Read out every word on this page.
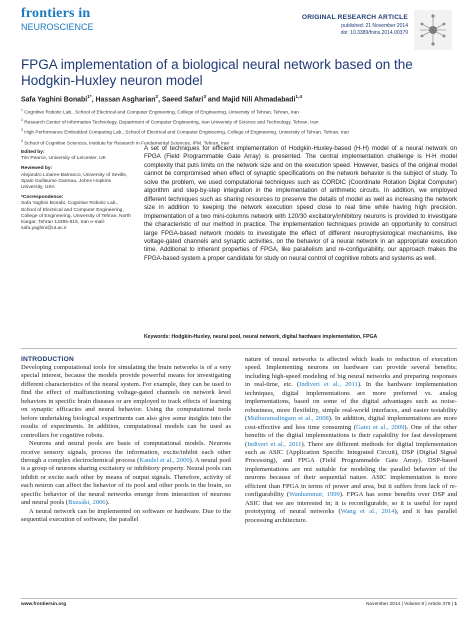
frontiers in
NEUROSCIENCE
ORIGINAL RESEARCH ARTICLE
published: 21 November 2014
doi: 10.3389/fnins.2014.00379
FPGA implementation of a biological neural network based on the Hodgkin-Huxley neuron model
Safa Yaghini Bonabi$^{1*}$, Hassan Asgharian$^2$, Saeed Safari$^3$ and Majid Nili Ahmadabadi$^{1,4}$
$^1$ Cognitive Robotic Lab., School of Electrical and Computer Engineering, College of Engineering, University of Tehran, Tehran, Iran
$^2$ Research Center of Information Technology, Department of Computer Engineering, Iran University of Science and Technology, Tehran, Iran
$^3$ High Performance Embedded Computing Lab., School of Electrical and Computer Engineering, College of Engineering, University of Tehran, Tehran, Iran
$^4$ School of Cognitive Sciences, Institute for Research in Fundamental Sciences, IPM, Tehran, Iran
Edited by:
Tim Pearce, University of Leicester, UK
Reviewed by:
Alejandro Linares-Barranco, University of Seville, Spain Guillaume Garreau, Johns Hopkins University, USA
*Correspondence:
Safa Yaghini Bonabi, Cognitive Robotic Lab., School of Electrical and Computer Engineering, College of Engineering, University of Tehran, North Kargar, Tehran 14395-515, Iran e-mail: safa.yaghini@ut.ac.ir
A set of techniques for efficient implementation of Hodgkin-Huxley-based (H-H) model of a neural network on FPGA (Field Programmable Gate Array) is presented. The central implementation challenge is H-H model complexity that puts limits on the network size and on the execution speed. However, basics of the original model cannot be compromised when effect of synaptic specifications on the network behavior is the subject of study. To solve the problem, we used computational techniques such as CORDIC (Coordinate Rotation Digital Computer) algorithm and step-by-step integration in the implementation of arithmetic circuits. In addition, we employed different techniques such as sharing resources to preserve the details of model as well as increasing the network size in addition to keeping the network execution speed close to real time while having high precision. Implementation of a two mini-columns network with 120/30 excitatory/inhibitory neurons is provided to investigate the characteristic of our method in practice. The implementation techniques provide an opportunity to construct large FPGA-based network models to investigate the effect of different neurophysiological mechanisms, like voltage-gated channels and synaptic activities, on the behavior of a neural network in an appropriate execution time. Additional to inherent properties of FPGA, like parallelism and re-configurability, our approach makes the FPGA-based system a proper candidate for study on neural control of cognitive robots and systems as well.
Keywords: Hodgkin-Huxley, neural pool, neural network, digital hardware implementation, FPGA
INTRODUCTION

Developing computational tools for simulating the brain networks is of a very special interest, because the models provide powerful means for investigating different characteristics of the neural system. For example, they can be used to find the effect of malfunctioning voltage-gated channels on network level behaviors in specific brain diseases or are employed to track effects of learning on synaptic efficacies and neural behavior. Using the computational tools before undertaking biological experiments can also give some insights into the results of experiments. In addition, computational models can be used as controllers for cognitive robots.

Neurons and neural pools are basis of computational models. Neurons receive sensory signals, process the information, excite/inhibit each other through a complex electrochemical process (Kandel et al., 2000). A neural pool is a group of neurons sharing excitatory or inhibitory property. Neural pools can inhibit or excite each other by means of output signals. Therefore, activity of each neuron can affect the behavior of its pool and other pools in the brain, so specific behavior of the neural networks emerge from interaction of neurons and neural pools (Buzsáki, 2006).

A neural network can be implemented on software or hardware. Due to the sequential execution of software, the parallel

nature of neural networks is affected which leads to reduction of execution speed. Implementing neurons on hardware can provide several benefits; including high-speed modeling of big neural networks and preparing responses in real-time, etc. (Indiveri et al., 2011). In the hardware implementation techniques, digital implementations are more preferred vs. analog implementations, based on some of the digital advantages such as noise-robustness, more flexibility, simple real-world interfaces, and easier testability (Muthuramalingam et al., 2008). In addition, digital implementations are more cost-effective and less time consuming (Gatet et al., 2009). One of the other benefits of the digital implementations is their capability for fast development (Indiveri et al., 2011). There are different methods for digital implementation such as ASIC (Application Specific Integrated Circuit), DSP (Digital Signal Processing), and FPGA (Field Programmable Gate Array). DSP-based implementations are not suitable for modeling the parallel behavior of the neurons because of their sequential nature. ASIC implementation is more efficient than FPGA in terms of power and area, but it suffers from lack of re-configurability (Wanhammar, 1999). FPGA has some benefits over DSP and ASIC that we are interested in; it is reconfigurable, so it is useful for rapid prototyping of neural networks (Wang et al., 2014), and it has parallel processing architecture.

www.frontiersin.org	November 2014 | Volume 8 | Article 379 | 1
